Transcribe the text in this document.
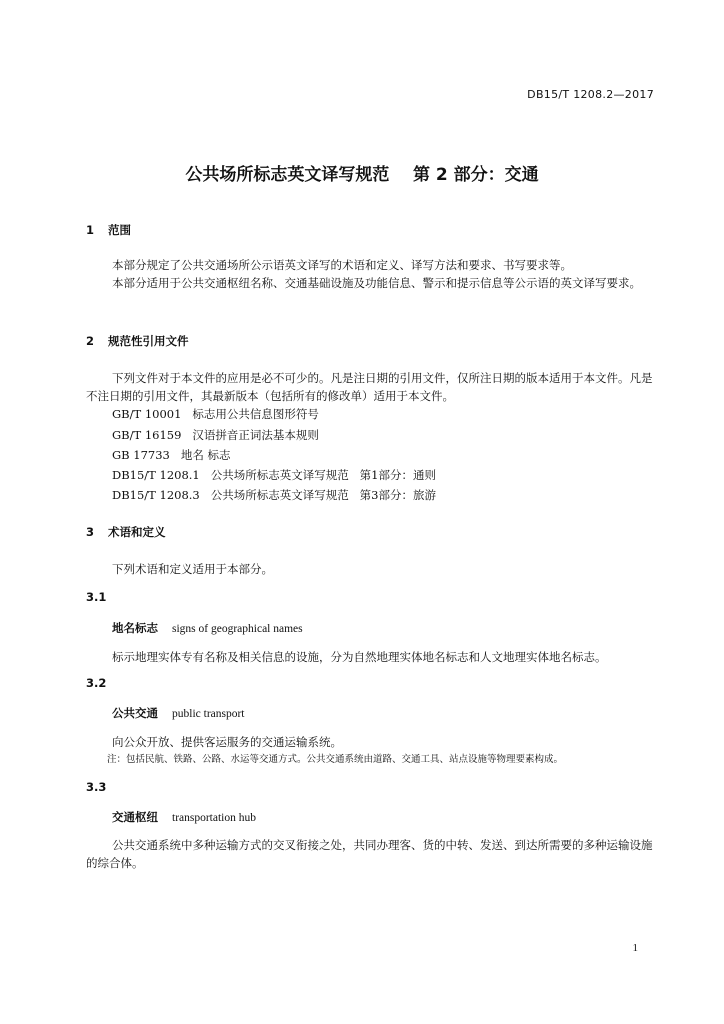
DB15/T 1208.2—2017
公共场所标志英文译写规范    第 2 部分：交通
1 范围
本部分规定了公共交通场所公示语英文译写的术语和定义、译写方法和要求、书写要求等。
本部分适用于公共交通枢纽名称、交通基础设施及功能信息、警示和提示信息等公示语的英文译写要求。
2 规范性引用文件
下列文件对于本文件的应用是必不可少的。凡是注日期的引用文件，仅所注日期的版本适用于本文件。凡是不注日期的引用文件，其最新版本（包括所有的修改单）适用于本文件。
GB/T 10001   标志用公共信息图形符号
GB/T 16159   汉语拼音正词法基本规则
GB 17733   地名 标志
DB15/T 1208.1   公共场所标志英文译写规范   第1部分：通则
DB15/T 1208.3   公共场所标志英文译写规范   第3部分：旅游
3 术语和定义
下列术语和定义适用于本部分。
3.1
地名标志 signs of geographical names
标示地理实体专有名称及相关信息的设施，分为自然地理实体地名标志和人文地理实体地名标志。
3.2
公共交通 public transport
向公众开放、提供客运服务的交通运输系统。
注：包括民航、铁路、公路、水运等交通方式。公共交通系统由道路、交通工具、站点设施等物理要素构成。
3.3
交通枢纽 transportation hub
公共交通系统中多种运输方式的交叉衔接之处，共同办理客、货的中转、发送、到达所需要的多种运输设施的综合体。
1
